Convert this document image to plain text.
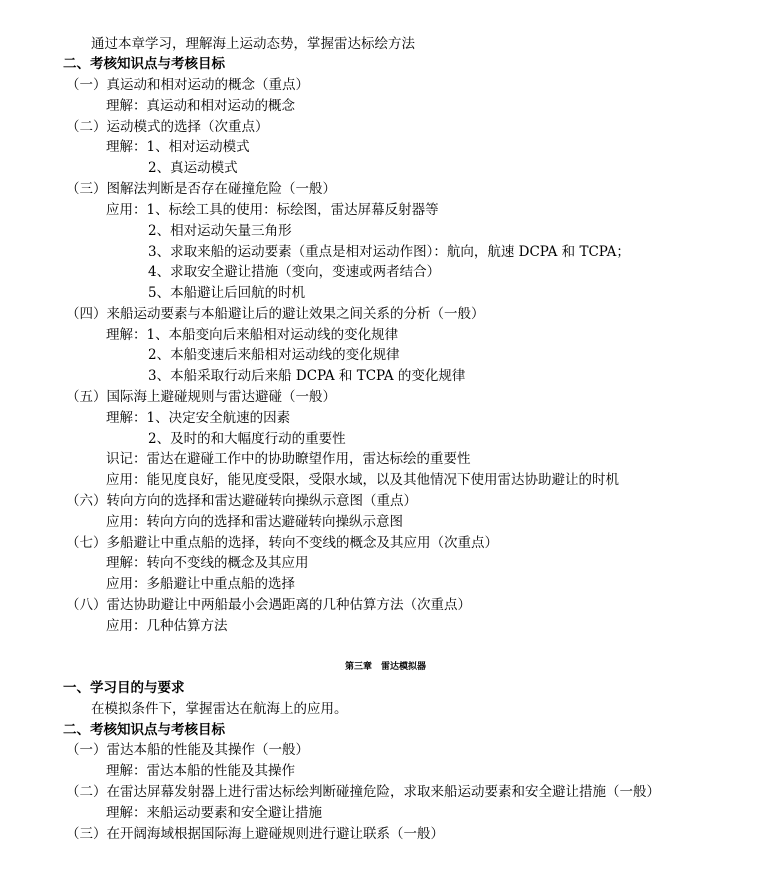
通过本章学习，理解海上运动态势，掌握雷达标绘方法
二、考核知识点与考核目标
（一）真运动和相对运动的概念（重点）
理解：真运动和相对运动的概念
（二）运动模式的选择（次重点）
理解：1、相对运动模式
2、真运动模式
（三）图解法判断是否存在碰撞危险（一般）
应用：1、标绘工具的使用：标绘图，雷达屏幕反射器等
2、相对运动矢量三角形
3、求取来船的运动要素（重点是相对运动作图）：航向，航速 DCPA 和 TCPA；
4、求取安全避让措施（变向，变速或两者结合）
5、本船避让后回航的时机
（四）来船运动要素与本船避让后的避让效果之间关系的分析（一般）
理解：1、本船变向后来船相对运动线的变化规律
2、本船变速后来船相对运动线的变化规律
3、本船采取行动后来船 DCPA 和 TCPA 的变化规律
（五）国际海上避碰规则与雷达避碰（一般）
理解：1、决定安全航速的因素
2、及时的和大幅度行动的重要性
识记：雷达在避碰工作中的协助瞭望作用，雷达标绘的重要性
应用：能见度良好，能见度受限，受限水域，以及其他情况下使用雷达协助避让的时机
（六）转向方向的选择和雷达避碰转向操纵示意图（重点）
应用：转向方向的选择和雷达避碰转向操纵示意图
（七）多船避让中重点船的选择，转向不变线的概念及其应用（次重点）
理解：转向不变线的概念及其应用
应用：多船避让中重点船的选择
（八）雷达协助避让中两船最小会遇距离的几种估算方法（次重点）
应用：几种估算方法
第三章　雷达模拟器
一、学习目的与要求
在模拟条件下，掌握雷达在航海上的应用。
二、考核知识点与考核目标
（一）雷达本船的性能及其操作（一般）
理解：雷达本船的性能及其操作
（二）在雷达屏幕发射器上进行雷达标绘判断碰撞危险，求取来船运动要素和安全避让措施（一般）
理解：来船运动要素和安全避让措施
（三）在开阔海域根据国际海上避碰规则进行避让联系（一般）
